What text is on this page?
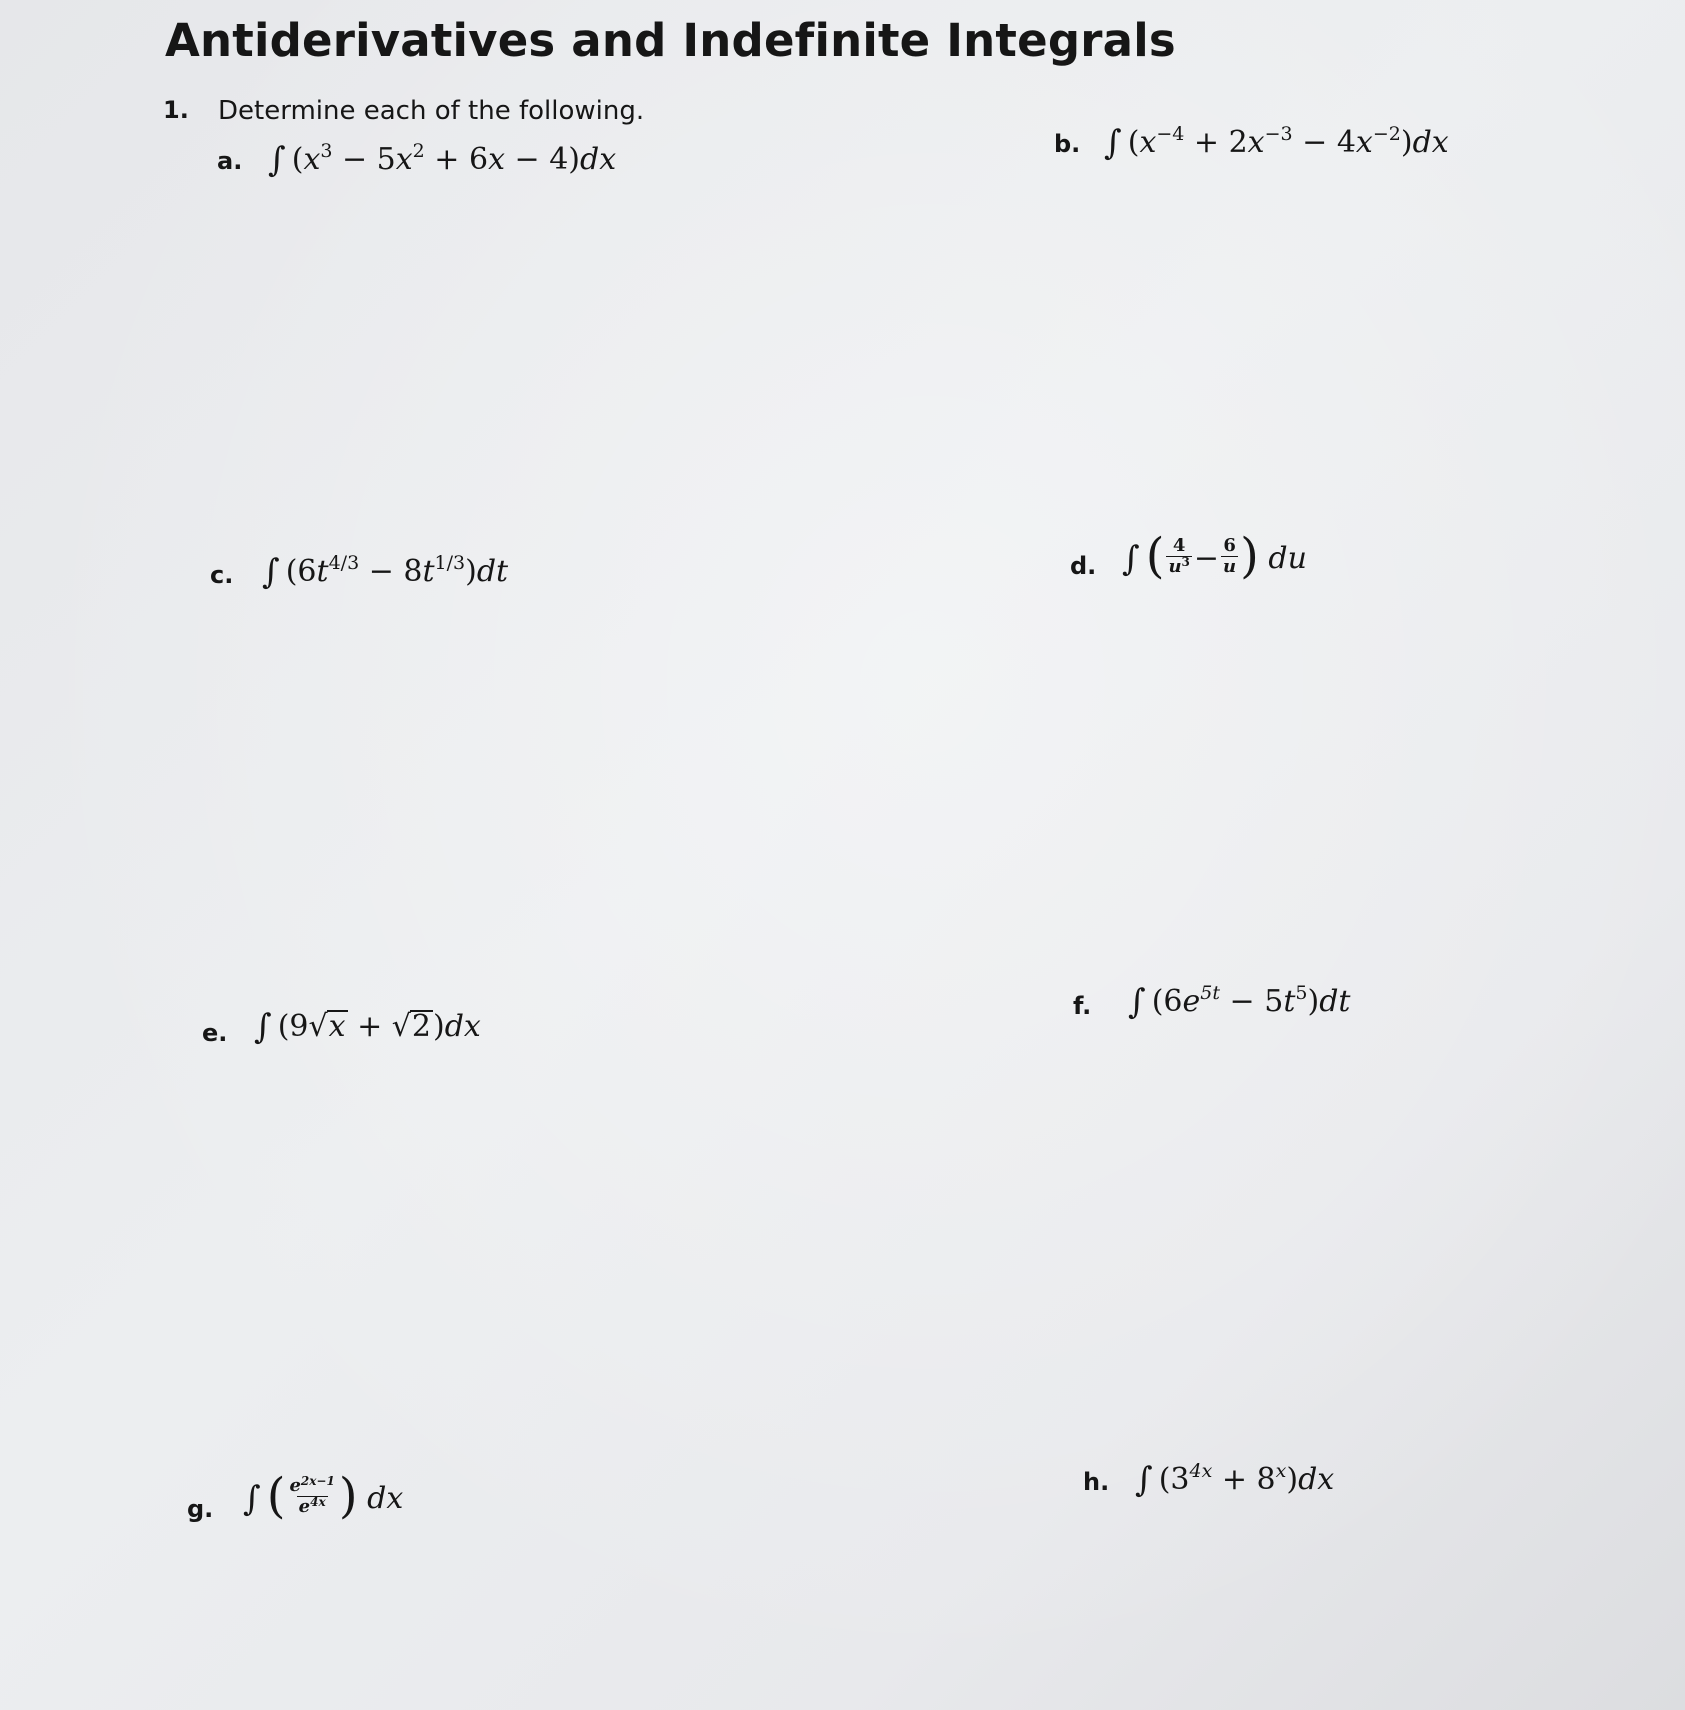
Antiderivatives and Indefinite Integrals
1. Determine each of the following.
a. ∫ $(x^3 - 5x^2 + 6x - 4)dx$	b. ∫ $(x^{-4} + 2x^{-3} - 4x^{-2})dx$
c. ∫ $(6t^{4/3} - 8t^{1/3})dt$	d. ∫ ( $\frac{4}{u^3} - \frac{6}{u}$ ) du
e. ∫ (9 √ x + √ 2 )dx
f. ∫ $(6e^{5t} - 5t^5)dt$
g. ∫ ( $\frac{e^{2x-1}}{e^{4x}}$ ) dx	h. ∫ $(3^{4x} + 8^x)dx$
